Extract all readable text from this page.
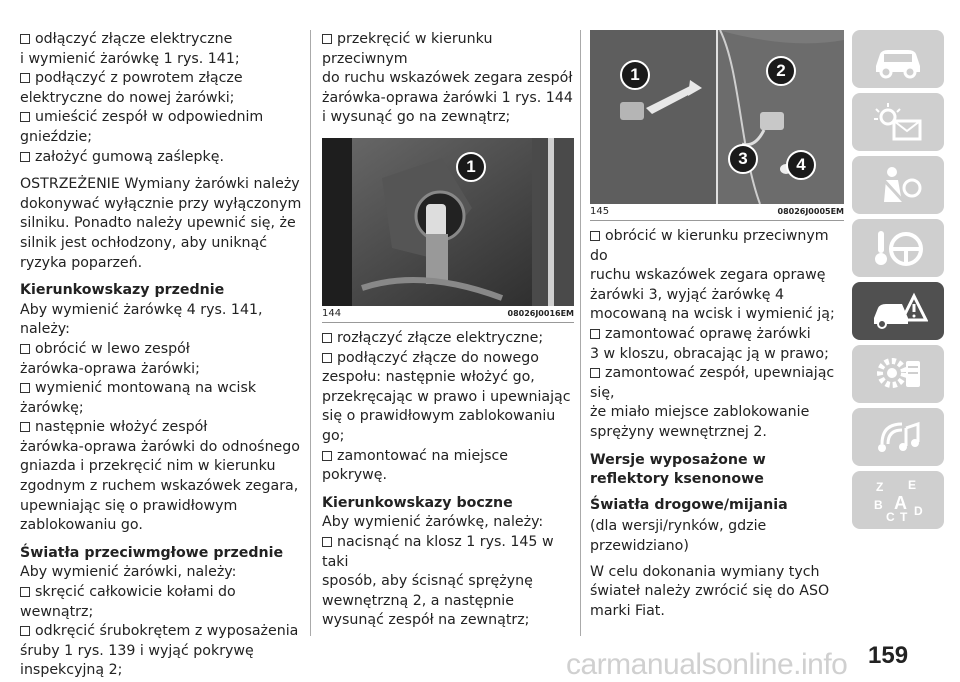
odłączyć złącze elektryczne
i wymienić żarówkę 1 rys. 141;

podłączyć z powrotem złącze
elektryczne do nowej żarówki;

umieścić zespół w odpowiednim
gnieździe;

założyć gumową zaślepkę.

OSTRZEŻENIE Wymiany żarówki należy dokonywać wyłącznie przy wyłączonym silniku. Ponadto należy upewnić się, że silnik jest ochłodzony, aby uniknąć ryzyka poparzeń.

Kierunkowskazy przednie

Aby wymienić żarówkę 4 rys. 141, należy:

obrócić w lewo zespół
żarówka-oprawa żarówki;

wymienić montowaną na wcisk
żarówkę;

następnie włożyć zespół
żarówka-oprawa żarówki do odnośnego gniazda i przekręcić nim w kierunku zgodnym z ruchem wskazówek zegara, upewniając się o prawidłowym zablokowaniu go.

Światła przeciwmgłowe przednie

Aby wymienić żarówki, należy:

skręcić całkowicie kołami do
wewnątrz;

odkręcić śrubokrętem z wyposażenia
śruby 1 rys. 139 i wyjąć pokrywę inspekcyjną 2;

przekręcić w kierunku przeciwnym
do ruchu wskazówek zegara zespół żarówka-oprawa żarówki 1 rys. 144 i wysunąć go na zewnątrz;

1
144	08026J0016EM

rozłączyć złącze elektryczne;

podłączyć złącze do nowego
zespołu: następnie włożyć go, przekręcając w prawo i upewniając się o prawidłowym zablokowaniu go;

zamontować na miejsce pokrywę.

Kierunkowskazy boczne

Aby wymienić żarówkę, należy:

nacisnąć na klosz 1 rys. 145 w taki
sposób, aby ścisnąć sprężynę wewnętrzną 2, a następnie wysunąć zespół na zewnątrz;

1	2
3	4
145	08026J0005EM

obrócić w kierunku przeciwnym do
ruchu wskazówek zegara oprawę żarówki 3, wyjąć żarówkę 4 mocowaną na wcisk i wymienić ją;

zamontować oprawę żarówki
3 w kloszu, obracając ją w prawo;

zamontować zespół, upewniając się,
że miało miejsce zablokowanie sprężyny wewnętrznej 2.

Wersje wyposażone w reflektory ksenonowe
Światła drogowe/mijania

(dla wersji/rynków, gdzie przewidziano)

W celu dokonania wymiany tych świateł należy zwrócić się do ASO marki Fiat.

Z E
B A
C T D
carmanualsonline.info 159
